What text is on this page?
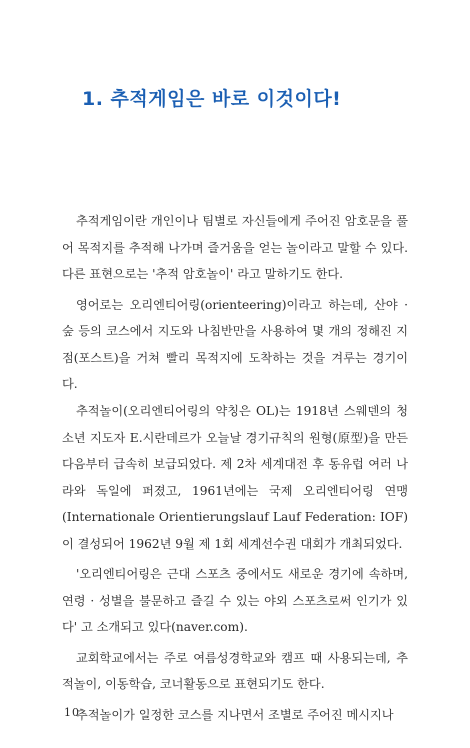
1. 추적게임은 바로 이것이다!

추적게임이란 개인이나 팀별로 자신들에게 주어진 암호문을 풀어 목적지를 추적해 나가며 즐거움을 얻는 놀이라고 말할 수 있다. 다른 표현으로는 '추적 암호놀이' 라고 말하기도 한다.

영어로는 오리엔티어링(orienteering)이라고 하는데, 산야 · 숲 등의 코스에서 지도와 나침반만을 사용하여 몇 개의 정해진 지점(포스트)을 거쳐 빨리 목적지에 도착하는 것을 겨루는 경기이다.

추적놀이(오리엔티어링의 약칭은 OL)는 1918년 스웨덴의 청소년 지도자 E.시란데르가 오늘날 경기규칙의 원형(原型)을 만든 다음부터 급속히 보급되었다. 제 2차 세계대전 후 동유럽 여러 나라와 독일에 퍼졌고, 1961년에는 국제 오리엔티어링 연맹(Internationale Orientierungslauf Lauf Federation: IOF)이 결성되어 1962년 9월 제 1회 세계선수권 대회가 개최되었다.

'오리엔티어링은 근대 스포츠 중에서도 새로운 경기에 속하며, 연령 · 성별을 불문하고 즐길 수 있는 야외 스포츠로써 인기가 있다' 고 소개되고 있다(naver.com).

교회학교에서는 주로 여름성경학교와 캠프 때 사용되는데, 추적놀이, 이동학습, 코너활동으로 표현되기도 한다.

추적놀이가 일정한 코스를 지나면서 조별로 주어진 메시지나

10
